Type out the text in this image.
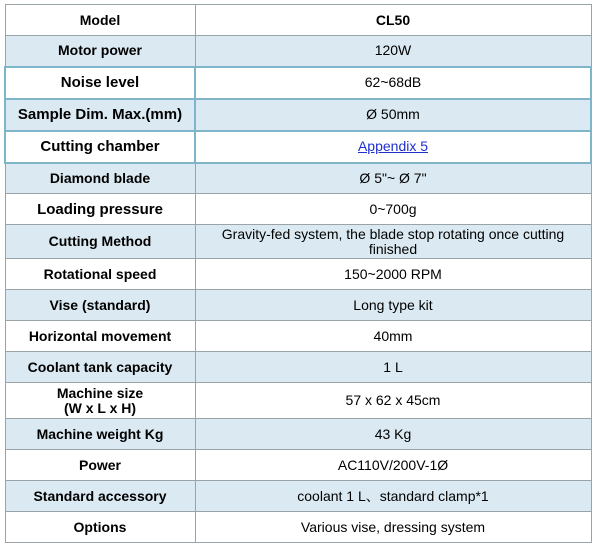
Model	CL50
Motor power	120W
Noise level	62~68dB
Sample Dim. Max.(mm)	Ø 50mm
Cutting chamber	Appendix 5
Diamond blade	Ø 5"~ Ø 7"
Loading pressure	0~700g
Cutting Method	Gravity-fed system, the blade stop rotating once cutting finished
Rotational speed	150~2000 RPM
Vise (standard)	Long type kit
Horizontal movement	40mm
Coolant tank capacity	1 L
Machine size
(W x L x H)	57 x 62 x 45cm
Machine weight Kg	43 Kg
Power	AC110V/200V-1Ø
Standard accessory	coolant 1 L、standard clamp*1
Options	Various vise, dressing system
